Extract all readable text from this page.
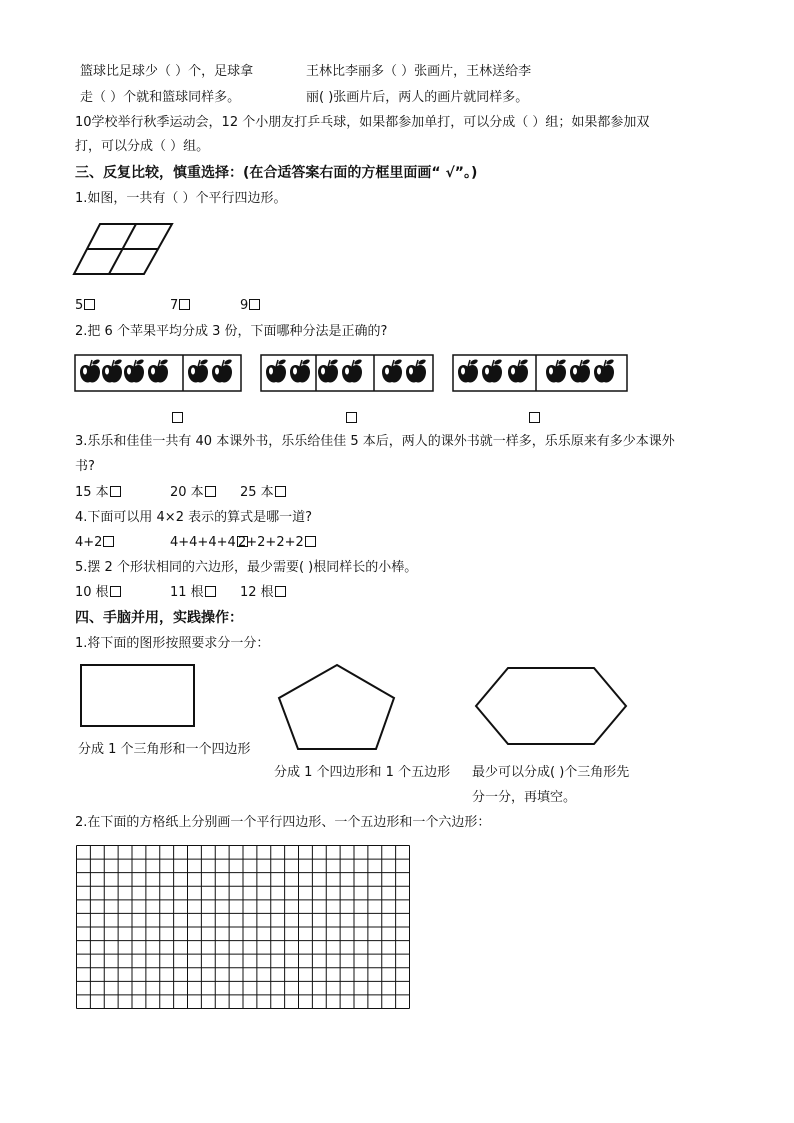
篮球比足球少（ ）个，足球拿	王林比李丽多（ ）张画片，王林送给李
走（ ）个就和篮球同样多。	丽( )张画片后，两人的画片就同样多。
10学校举行秋季运动会，12 个小朋友打乒乓球，如果都参加单打，可以分成（ ）组；如果都参加双
打，可以分成（ ）组。
三、反复比较，慎重选择：(在合适答案右面的方框里面画“ √”。)
1.如图，一共有（ ）个平行四边形。
5	7	9
2.把 6 个苹果平均分成 3 份，下面哪种分法是正确的?
3.乐乐和佳佳一共有 40 本课外书，乐乐给佳佳 5 本后，两人的课外书就一样多，乐乐原来有多少本课外
书?
15 本	20 本	25 本
4.下面可以用 4×2 表示的算式是哪一道?
4+2	4+4+4+4 2+2+2+2
5.摆 2 个形状相同的六边形，最少需要( )根同样长的小棒。
10 根	11 根	12 根
四、手脑并用，实践操作：
1.将下面的图形按照要求分一分：
分成 1 个三角形和一个四边形
分成 1 个四边形和 1 个五边形 最少可以分成( )个三角形先
分一分，再填空。
2.在下面的方格纸上分别画一个平行四边形、一个五边形和一个六边形：
